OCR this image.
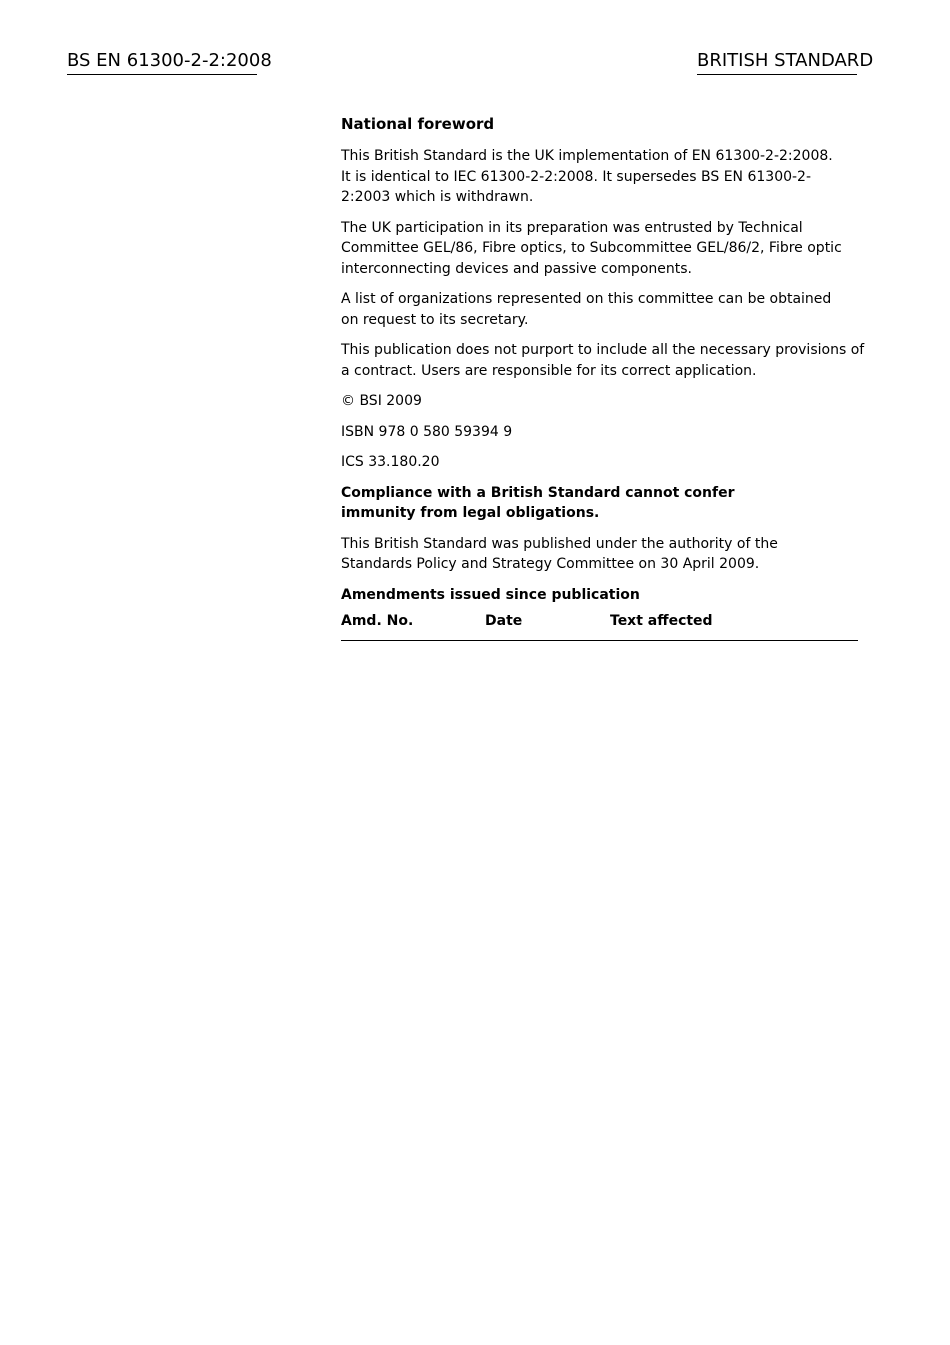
BS EN 61300-2-2:2008	BRITISH STANDARD
National foreword

This British Standard is the UK implementation of EN 61300-2-2:2008. It is identical to IEC 61300-2-2:2008. It supersedes BS EN 61300-2-2:2003 which is withdrawn.

The UK participation in its preparation was entrusted by Technical Committee GEL/86, Fibre optics, to Subcommittee GEL/86/2, Fibre optic interconnecting devices and passive components.

A list of organizations represented on this committee can be obtained on request to its secretary.

This publication does not purport to include all the necessary provisions of a contract. Users are responsible for its correct application.

© BSI 2009

ISBN 978 0 580 59394 9

ICS 33.180.20

Compliance with a British Standard cannot confer immunity from legal obligations.

This British Standard was published under the authority of the Standards Policy and Strategy Committee on 30 April 2009.

Amendments issued since publication

Amd. No.	Date	Text affected
